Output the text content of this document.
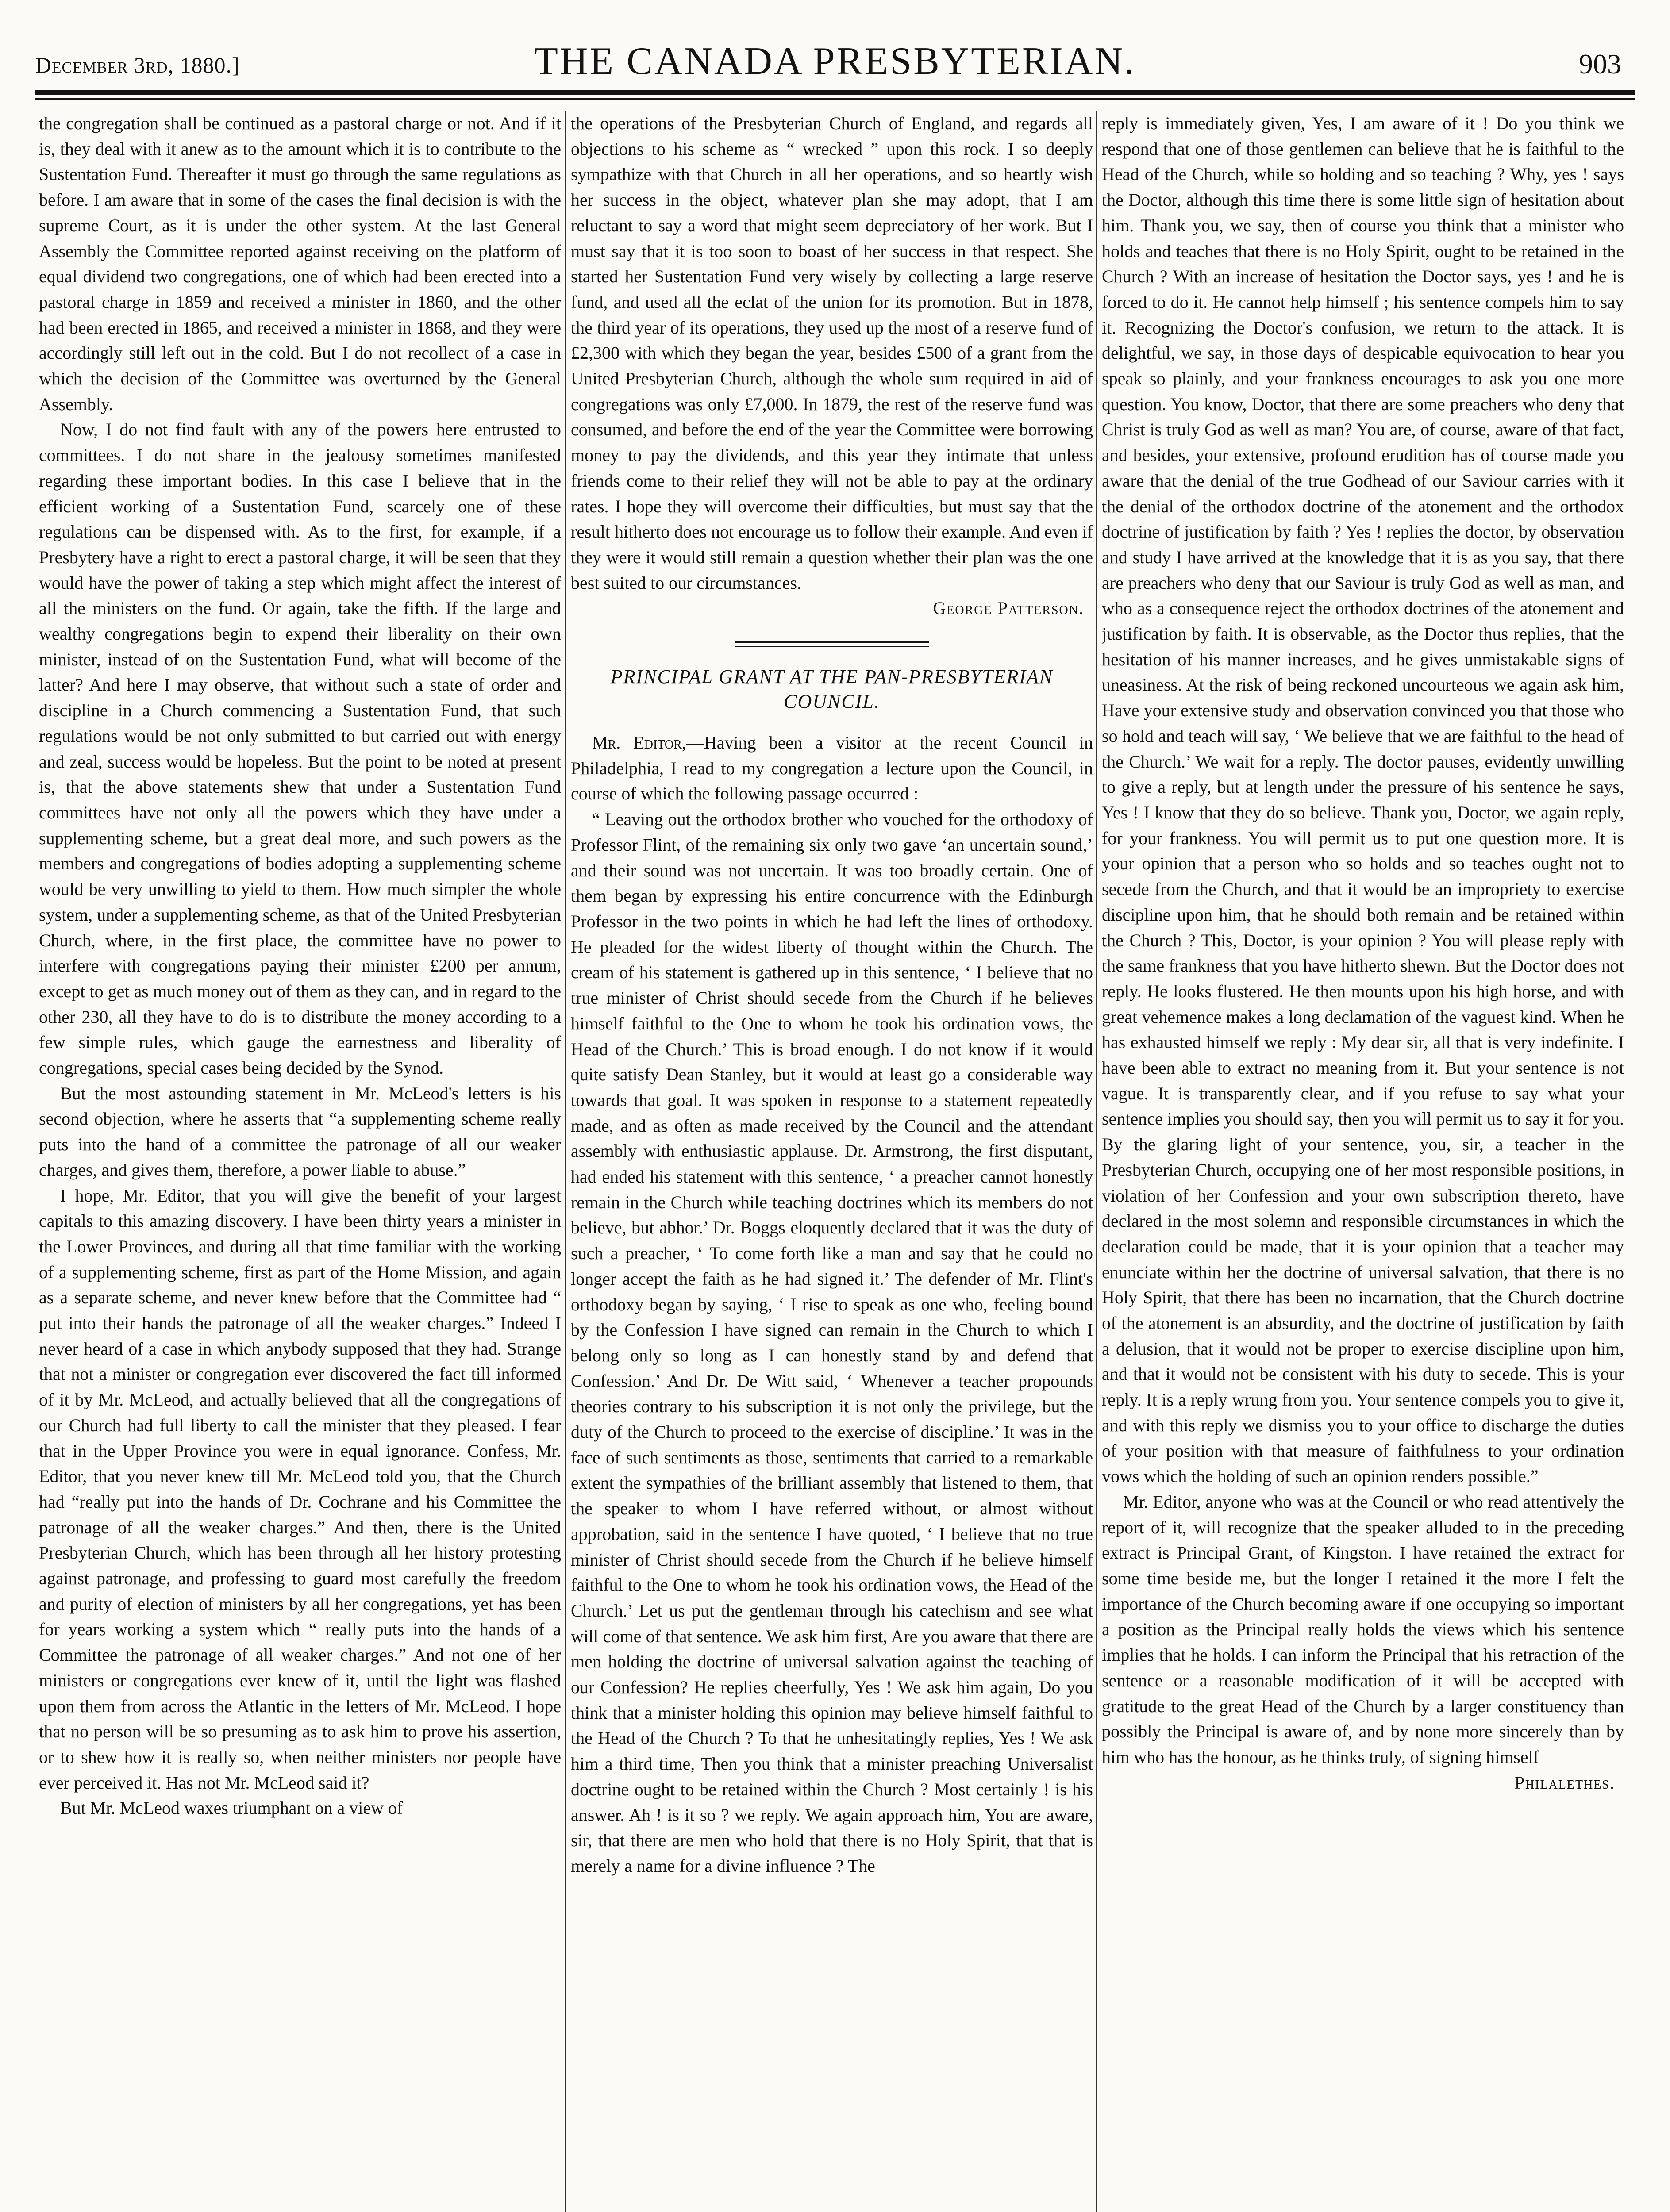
December 3rd, 1880.]	THE CANADA PRESBYTERIAN.	903

the congregation shall be continued as a pastoral charge or not. And if it is, they deal with it anew as to the amount which it is to contribute to the Sustentation Fund. Thereafter it must go through the same regulations as before. I am aware that in some of the cases the final decision is with the supreme Court, as it is under the other system. At the last General Assembly the Committee reported against receiving on the platform of equal dividend two congregations, one of which had been erected into a pastoral charge in 1859 and received a minister in 1860, and the other had been erected in 1865, and received a minister in 1868, and they were accordingly still left out in the cold. But I do not recollect of a case in which the decision of the Committee was overturned by the General Assembly.

Now, I do not find fault with any of the powers here entrusted to committees. I do not share in the jealousy sometimes manifested regarding these important bodies. In this case I believe that in the efficient working of a Sustentation Fund, scarcely one of these regulations can be dispensed with. As to the first, for example, if a Presbytery have a right to erect a pastoral charge, it will be seen that they would have the power of taking a step which might affect the interest of all the ministers on the fund. Or again, take the fifth. If the large and wealthy congregations begin to expend their liberality on their own minister, instead of on the Sustentation Fund, what will become of the latter? And here I may observe, that without such a state of order and discipline in a Church commencing a Sustentation Fund, that such regulations would be not only submitted to but carried out with energy and zeal, success would be hopeless. But the point to be noted at present is, that the above statements shew that under a Sustentation Fund committees have not only all the powers which they have under a supplementing scheme, but a great deal more, and such powers as the members and congregations of bodies adopting a supplementing scheme would be very unwilling to yield to them. How much simpler the whole system, under a supplementing scheme, as that of the United Presbyterian Church, where, in the first place, the committee have no power to interfere with congregations paying their minister £200 per annum, except to get as much money out of them as they can, and in regard to the other 230, all they have to do is to distribute the money according to a few simple rules, which gauge the earnestness and liberality of congregations, special cases being decided by the Synod.

But the most astounding statement in Mr. McLeod's letters is his second objection, where he asserts that “a supplementing scheme really puts into the hand of a committee the patronage of all our weaker charges, and gives them, therefore, a power liable to abuse.”

I hope, Mr. Editor, that you will give the benefit of your largest capitals to this amazing discovery. I have been thirty years a minister in the Lower Provinces, and during all that time familiar with the working of a supplementing scheme, first as part of the Home Mission, and again as a separate scheme, and never knew before that the Committee had “ put into their hands the patronage of all the weaker charges.” Indeed I never heard of a case in which anybody supposed that they had. Strange that not a minister or congregation ever discovered the fact till informed of it by Mr. McLeod, and actually believed that all the congregations of our Church had full liberty to call the minister that they pleased. I fear that in the Upper Province you were in equal ignorance. Confess, Mr. Editor, that you never knew till Mr. McLeod told you, that the Church had “really put into the hands of Dr. Cochrane and his Committee the patronage of all the weaker charges.” And then, there is the United Presbyterian Church, which has been through all her history protesting against patronage, and professing to guard most carefully the freedom and purity of election of ministers by all her congregations, yet has been for years working a system which “ really puts into the hands of a Committee the patronage of all weaker charges.” And not one of her ministers or congregations ever knew of it, until the light was flashed upon them from across the Atlantic in the letters of Mr. McLeod. I hope that no person will be so presuming as to ask him to prove his assertion, or to shew how it is really so, when neither ministers nor people have ever perceived it. Has not Mr. McLeod said it?

But Mr. McLeod waxes triumphant on a view of

the operations of the Presbyterian Church of England, and regards all objections to his scheme as “ wrecked ” upon this rock. I so deeply sympathize with that Church in all her operations, and so heartly wish her success in the object, whatever plan she may adopt, that I am reluctant to say a word that might seem depreciatory of her work. But I must say that it is too soon to boast of her success in that respect. She started her Sustentation Fund very wisely by collecting a large reserve fund, and used all the eclat of the union for its promotion. But in 1878, the third year of its operations, they used up the most of a reserve fund of £2,300 with which they began the year, besides £500 of a grant from the United Presbyterian Church, although the whole sum required in aid of congregations was only £7,000. In 1879, the rest of the reserve fund was consumed, and before the end of the year the Committee were borrowing money to pay the dividends, and this year they intimate that unless friends come to their relief they will not be able to pay at the ordinary rates. I hope they will overcome their difficulties, but must say that the result hitherto does not encourage us to follow their example. And even if they were it would still remain a question whether their plan was the one best suited to our circumstances.

George Patterson.
PRINCIPAL GRANT AT THE PAN-PRESBYTERIAN COUNCIL.

Mr. Editor,—Having been a visitor at the recent Council in Philadelphia, I read to my congregation a lecture upon the Council, in course of which the following passage occurred :

“ Leaving out the orthodox brother who vouched for the orthodoxy of Professor Flint, of the remaining six only two gave ‘an uncertain sound,’ and their sound was not uncertain. It was too broadly certain. One of them began by expressing his entire concurrence with the Edinburgh Professor in the two points in which he had left the lines of orthodoxy. He pleaded for the widest liberty of thought within the Church. The cream of his statement is gathered up in this sentence, ‘ I believe that no true minister of Christ should secede from the Church if he believes himself faithful to the One to whom he took his ordination vows, the Head of the Church.’ This is broad enough. I do not know if it would quite satisfy Dean Stanley, but it would at least go a considerable way towards that goal. It was spoken in response to a statement repeatedly made, and as often as made received by the Council and the attendant assembly with enthusiastic applause. Dr. Armstrong, the first disputant, had ended his statement with this sentence, ‘ a preacher cannot honestly remain in the Church while teaching doctrines which its members do not believe, but abhor.’ Dr. Boggs eloquently declared that it was the duty of such a preacher, ‘ To come forth like a man and say that he could no longer accept the faith as he had signed it.’ The defender of Mr. Flint's orthodoxy began by saying, ‘ I rise to speak as one who, feeling bound by the Confession I have signed can remain in the Church to which I belong only so long as I can honestly stand by and defend that Confession.’ And Dr. De Witt said, ‘ Whenever a teacher propounds theories contrary to his subscription it is not only the privilege, but the duty of the Church to proceed to the exercise of discipline.’ It was in the face of such sentiments as those, sentiments that carried to a remarkable extent the sympathies of the brilliant assembly that listened to them, that the speaker to whom I have referred without, or almost without approbation, said in the sentence I have quoted, ‘ I believe that no true minister of Christ should secede from the Church if he believe himself faithful to the One to whom he took his ordination vows, the Head of the Church.’ Let us put the gentleman through his catechism and see what will come of that sentence. We ask him first, Are you aware that there are men holding the doctrine of universal salvation against the teaching of our Confession? He replies cheerfully, Yes ! We ask him again, Do you think that a minister holding this opinion may believe himself faithful to the Head of the Church ? To that he unhesitatingly replies, Yes ! We ask him a third time, Then you think that a minister preaching Universalist doctrine ought to be retained within the Church ? Most certainly ! is his answer. Ah ! is it so ? we reply. We again approach him, You are aware, sir, that there are men who hold that there is no Holy Spirit, that that is merely a name for a divine influence ? The

reply is immediately given, Yes, I am aware of it ! Do you think we respond that one of those gentlemen can believe that he is faithful to the Head of the Church, while so holding and so teaching ? Why, yes ! says the Doctor, although this time there is some little sign of hesitation about him. Thank you, we say, then of course you think that a minister who holds and teaches that there is no Holy Spirit, ought to be retained in the Church ? With an increase of hesitation the Doctor says, yes ! and he is forced to do it. He cannot help himself ; his sentence compels him to say it. Recognizing the Doctor's confusion, we return to the attack. It is delightful, we say, in those days of despicable equivocation to hear you speak so plainly, and your frankness encourages to ask you one more question. You know, Doctor, that there are some preachers who deny that Christ is truly God as well as man? You are, of course, aware of that fact, and besides, your extensive, profound erudition has of course made you aware that the denial of the true Godhead of our Saviour carries with it the denial of the orthodox doctrine of the atonement and the orthodox doctrine of justification by faith ? Yes ! replies the doctor, by observation and study I have arrived at the knowledge that it is as you say, that there are preachers who deny that our Saviour is truly God as well as man, and who as a consequence reject the orthodox doctrines of the atonement and justification by faith. It is observable, as the Doctor thus replies, that the hesitation of his manner increases, and he gives unmistakable signs of uneasiness. At the risk of being reckoned uncourteous we again ask him, Have your extensive study and observation convinced you that those who so hold and teach will say, ‘ We believe that we are faithful to the head of the Church.’ We wait for a reply. The doctor pauses, evidently unwilling to give a reply, but at length under the pressure of his sentence he says, Yes ! I know that they do so believe. Thank you, Doctor, we again reply, for your frankness. You will permit us to put one question more. It is your opinion that a person who so holds and so teaches ought not to secede from the Church, and that it would be an impropriety to exercise discipline upon him, that he should both remain and be retained within the Church ? This, Doctor, is your opinion ? You will please reply with the same frankness that you have hitherto shewn. But the Doctor does not reply. He looks flustered. He then mounts upon his high horse, and with great vehemence makes a long declamation of the vaguest kind. When he has exhausted himself we reply : My dear sir, all that is very indefinite. I have been able to extract no meaning from it. But your sentence is not vague. It is transparently clear, and if you refuse to say what your sentence implies you should say, then you will permit us to say it for you. By the glaring light of your sentence, you, sir, a teacher in the Presbyterian Church, occupying one of her most responsible positions, in violation of her Confession and your own subscription thereto, have declared in the most solemn and responsible circumstances in which the declaration could be made, that it is your opinion that a teacher may enunciate within her the doctrine of universal salvation, that there is no Holy Spirit, that there has been no incarnation, that the Church doctrine of the atonement is an absurdity, and the doctrine of justification by faith a delusion, that it would not be proper to exercise discipline upon him, and that it would not be consistent with his duty to secede. This is your reply. It is a reply wrung from you. Your sentence compels you to give it, and with this reply we dismiss you to your office to discharge the duties of your position with that measure of faithfulness to your ordination vows which the holding of such an opinion renders possible.”

Mr. Editor, anyone who was at the Council or who read attentively the report of it, will recognize that the speaker alluded to in the preceding extract is Principal Grant, of Kingston. I have retained the extract for some time beside me, but the longer I retained it the more I felt the importance of the Church becoming aware if one occupying so important a position as the Principal really holds the views which his sentence implies that he holds. I can inform the Principal that his retraction of the sentence or a reasonable modification of it will be accepted with gratitude to the great Head of the Church by a larger constituency than possibly the Principal is aware of, and by none more sincerely than by him who has the honour, as he thinks truly, of signing himself

Philalethes.
